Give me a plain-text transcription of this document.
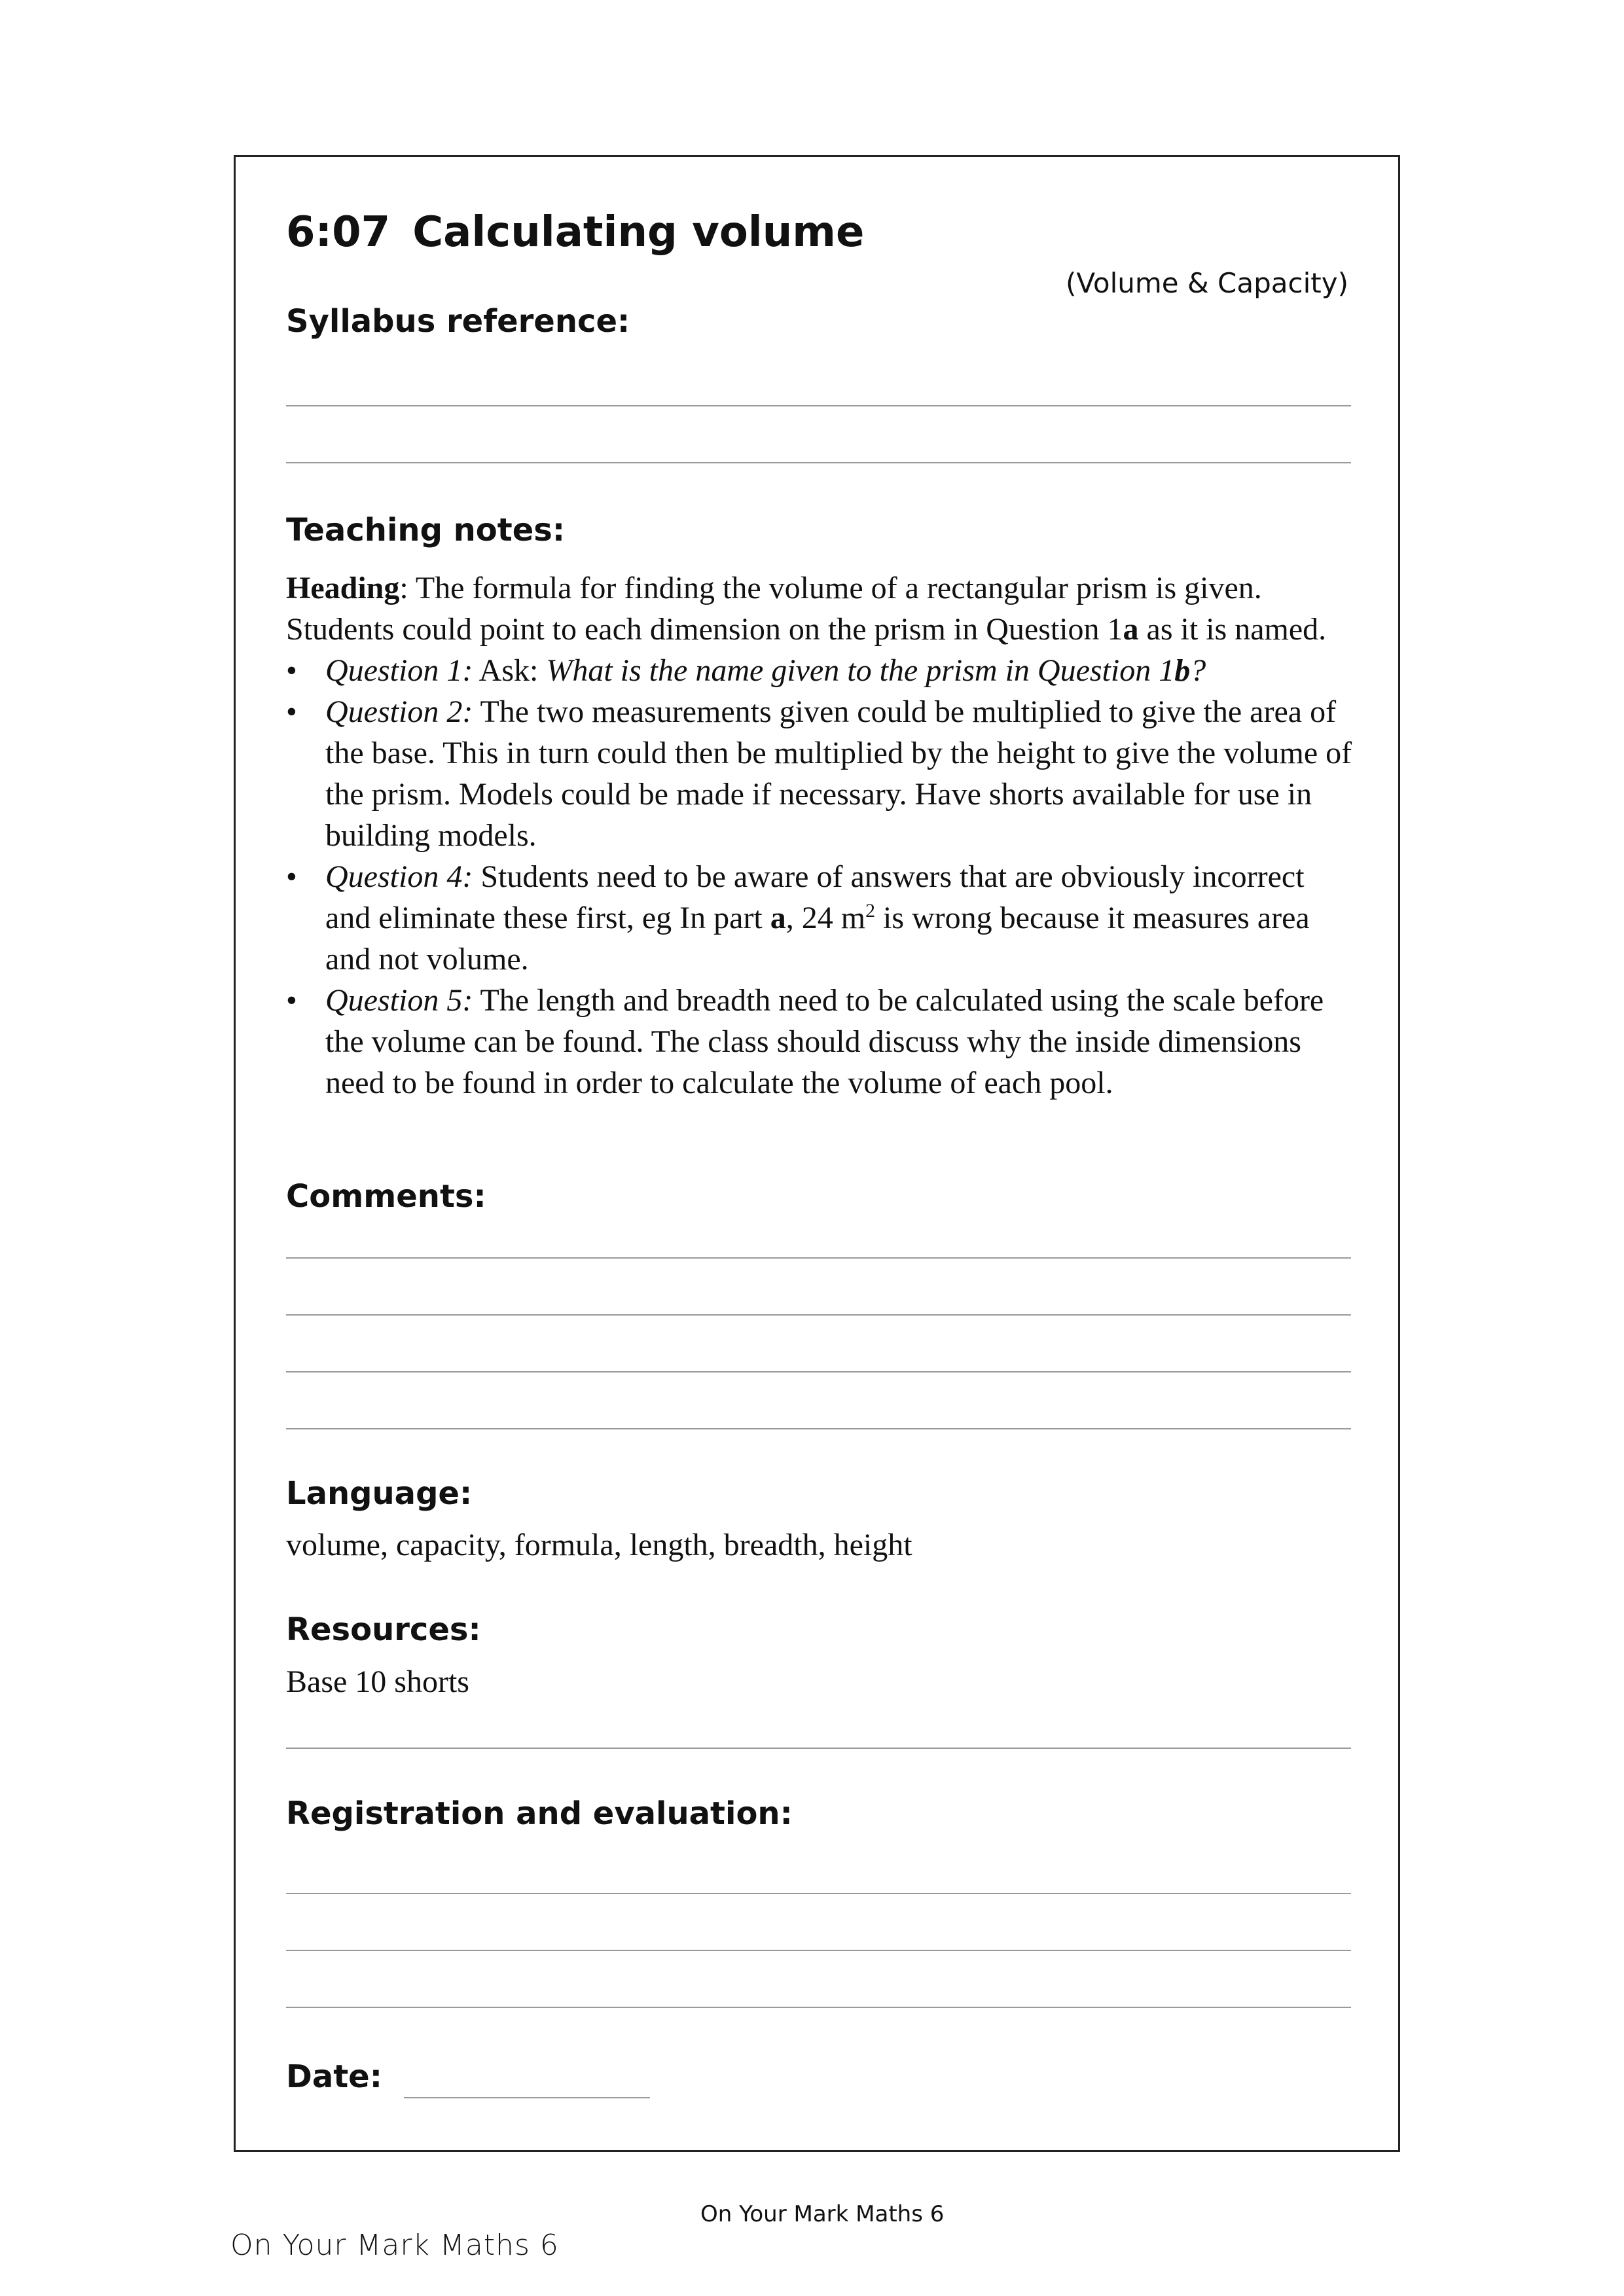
6:07 Calculating volume
(Volume & Capacity)
Syllabus reference:
Teaching notes:

Heading: The formula for finding the volume of a rectangular prism is given. Students could point to each dimension on the prism in Question 1a as it is named.

• Question 1: Ask: What is the name given to the prism in Question 1b?
• Question 2: The two measurements given could be multiplied to give the area of the base. This in turn could then be multiplied by the height to give the volume of the prism. Models could be made if necessary. Have shorts available for use in building models.
• Question 4: Students need to be aware of answers that are obviously incorrect and eliminate these first, eg In part a, 24 $m^2$ is wrong because it measures area and not volume.
• Question 5: The length and breadth need to be calculated using the scale before the volume can be found. The class should discuss why the inside dimensions need to be found in order to calculate the volume of each pool.
Comments:
Language:
volume, capacity, formula, length, breadth, height
Resources:
Base 10 shorts
Registration and evaluation:
Date:
On Your Mark Maths 6
On Your Mark Maths 6
